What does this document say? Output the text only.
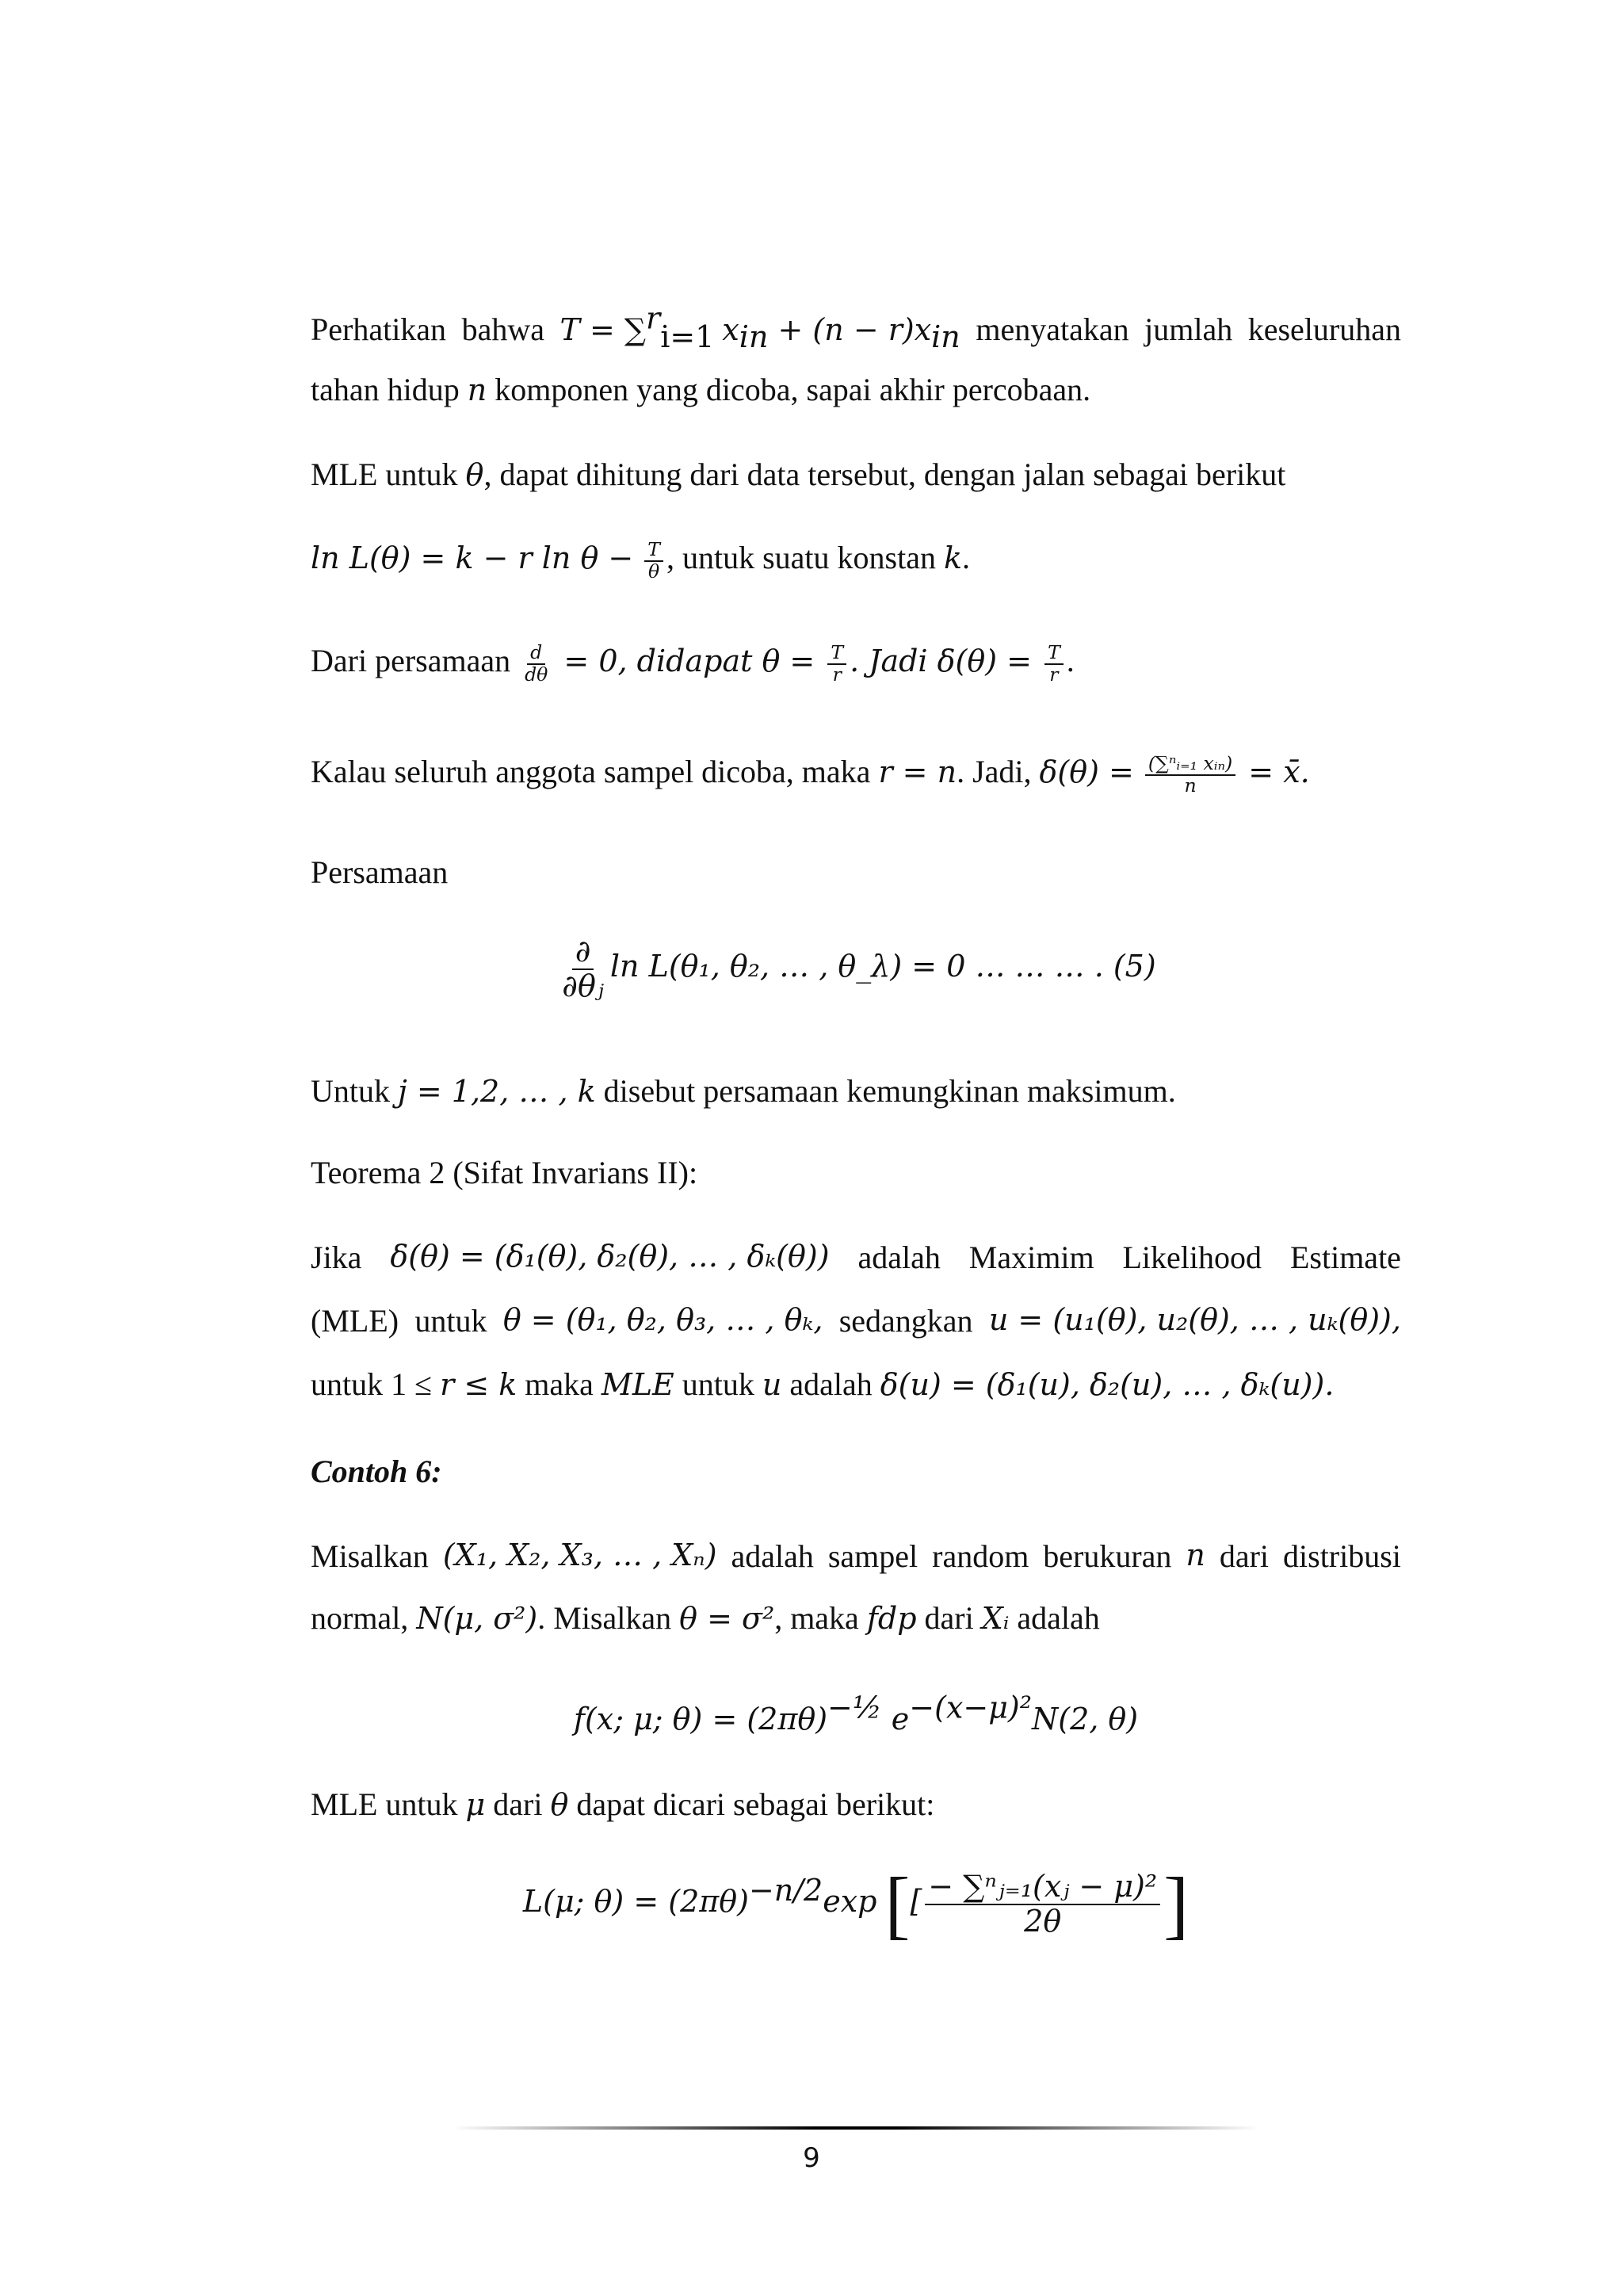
Perhatikan bahwa T = ∑$^r_{i=1}$ $x_{in} + (n - r)x_{in}$ menyatakan jumlah keseluruhan
tahan hidup n komponen yang dicoba, sapai akhir percobaan.
MLE untuk θ, dapat dihitung dari data tersebut, dengan jalan sebagai berikut
ln L(θ) = k − r $\ln \theta - \frac{T}{\theta}$ , untuk suatu konstan k.
Dari persamaan $\frac{d}{d\theta} = 0$, didapat $\theta = \frac{T}{r}$ . Jadi $\delta(\theta) = \frac{T}{r}$ .
Kalau seluruh anggota sampel dicoba, maka r = n. Jadi, $\delta(\theta) = \frac{\text{(∑ⁿᵢ₌₁ xᵢₙ)}}{n}$ = x̄.
Persamaan
$\frac{\partial}{\text{∂θⱼ}}$ ln L(θ₁, θ₂, … , θ_λ) = 0 … … … . (5)
Untuk j = 1,2, … , k disebut persamaan kemungkinan maksimum.
Teorema 2 (Sifat Invarians II):
Jika δ(θ) = (δ₁(θ), δ₂(θ), … , δₖ(θ)) adalah Maximim Likelihood Estimate
(MLE) untuk θ = (θ₁, θ₂, θ₃, … , θₖ, sedangkan u = (u₁(θ), u₂(θ), … , uₖ(θ)),
untuk 1 ≤ r ≤ k maka MLE untuk u adalah δ(u) = (δ₁(u), δ₂(u), … , δₖ(u)).
Contoh 6:
Misalkan (X₁, X₂, X₃, … , Xₙ) adalah sampel random berukuran n dari distribusi
normal, N(μ, σ²). Misalkan θ = σ², maka fdp dari Xᵢ adalah
f(x; μ; $\theta) = (2\pi\theta)^{-\frac{1}{2}}$ $e^{-(x-\mu)^2}N(2$, θ)
MLE untuk μ dari θ dapat dicari sebagai berikut:
L(μ; $\theta) = (2\pi\theta)^{-n/2}\exp$ [[ $\frac{\text{− ∑ⁿⱼ₌₁(xⱼ − μ)²}}{2\theta}$ ]
9
